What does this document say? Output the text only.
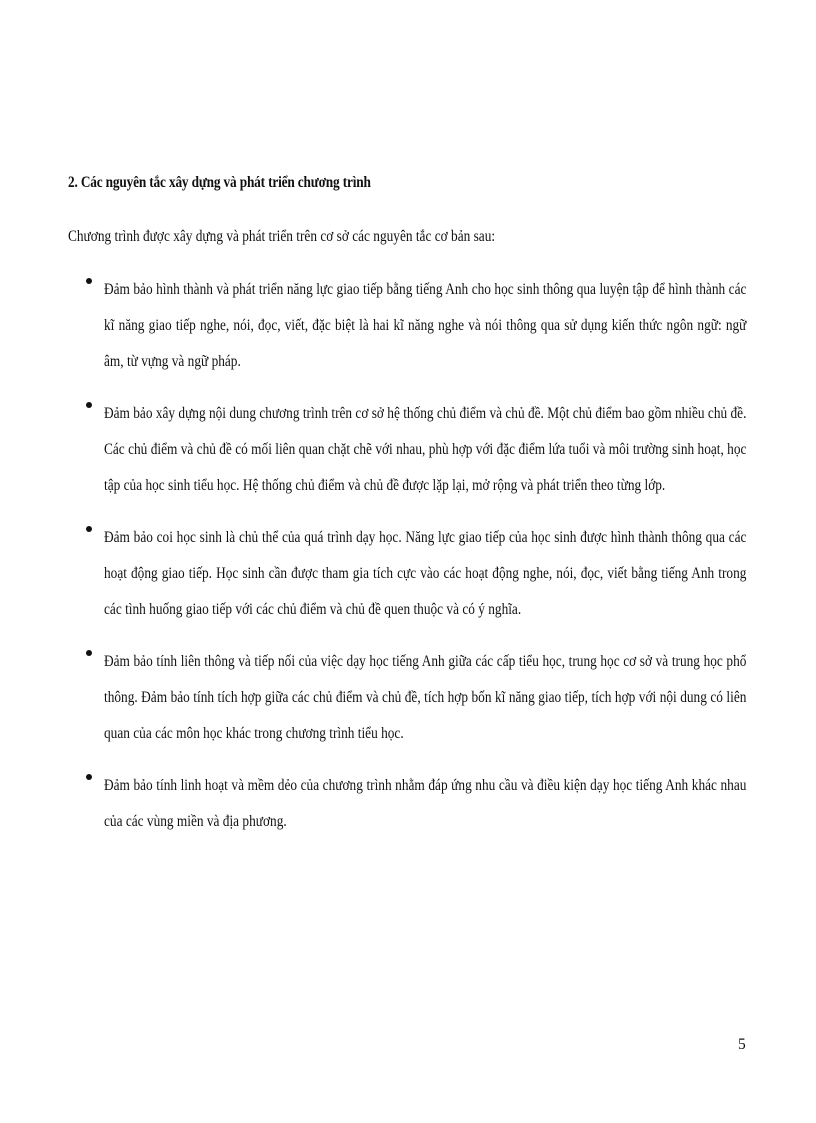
2. Các nguyên tắc xây dựng và phát triển chương trình
Chương trình được xây dựng và phát triển trên cơ sở các nguyên tắc cơ bản sau:
Đảm bảo hình thành và phát triển năng lực giao tiếp bằng tiếng Anh cho học sinh thông qua luyện tập để hình thành các kĩ năng giao tiếp nghe, nói, đọc, viết, đặc biệt là hai kĩ năng nghe và nói thông qua sử dụng kiến thức ngôn ngữ: ngữ âm, từ vựng và ngữ pháp.
Đảm bảo xây dựng nội dung chương trình trên cơ sở hệ thống chủ điểm và chủ đề. Một chủ điểm bao gồm nhiều chủ đề. Các chủ điểm và chủ đề có mối liên quan chặt chẽ với nhau, phù hợp với đặc điểm lứa tuổi và môi trường sinh hoạt, học tập của học sinh tiểu học. Hệ thống chủ điểm và chủ đề được lặp lại, mở rộng và phát triển theo từng lớp.
Đảm bảo coi học sinh là chủ thể của quá trình dạy học. Năng lực giao tiếp của học sinh được hình thành thông qua các hoạt động giao tiếp. Học sinh cần được tham gia tích cực vào các hoạt động nghe, nói, đọc, viết bằng tiếng Anh trong các tình huống giao tiếp với các chủ điểm và chủ đề quen thuộc và có ý nghĩa.
Đảm bảo tính liên thông và tiếp nối của việc dạy học tiếng Anh giữa các cấp tiểu học, trung học cơ sở và trung học phổ thông. Đảm bảo tính tích hợp giữa các chủ điểm và chủ đề, tích hợp bốn kĩ năng giao tiếp, tích hợp với nội dung có liên quan của các môn học khác trong chương trình tiểu học.
Đảm bảo tính linh hoạt và mềm dẻo của chương trình nhằm đáp ứng nhu cầu và điều kiện dạy học tiếng Anh khác nhau của các vùng miền và địa phương.
5
